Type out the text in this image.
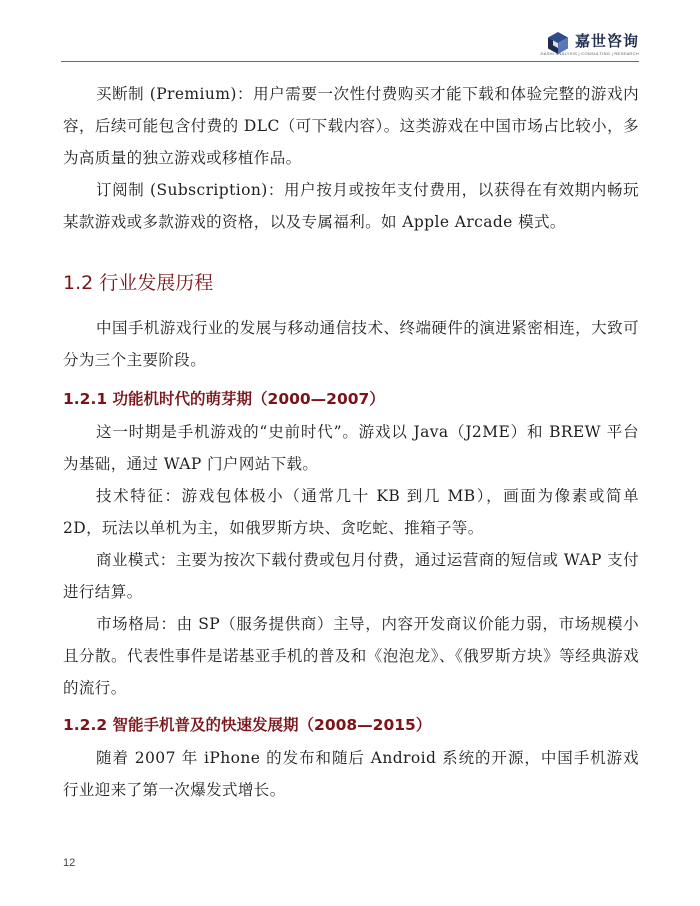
嘉世咨询
JIASHI ANALYSIS | CONSULTING | RESEARCH

买断制 (Premium)：用户需要一次性付费购买才能下载和体验完整的游戏内容，后续可能包含付费的 DLC（可下载内容）。这类游戏在中国市场占比较小，多为高质量的独立游戏或移植作品。

订阅制 (Subscription)：用户按月或按年支付费用，以获得在有效期内畅玩某款游戏或多款游戏的资格，以及专属福利。如 Apple Arcade 模式。

1.2 行业发展历程

中国手机游戏行业的发展与移动通信技术、终端硬件的演进紧密相连，大致可分为三个主要阶段。

1.2.1 功能机时代的萌芽期（2000—2007）

这一时期是手机游戏的“史前时代”。游戏以 Java（J2ME）和 BREW 平台为基础，通过 WAP 门户网站下载。

技术特征：游戏包体极小（通常几十 KB 到几 MB），画面为像素或简单 2D，玩法以单机为主，如俄罗斯方块、贪吃蛇、推箱子等。

商业模式：主要为按次下载付费或包月付费，通过运营商的短信或 WAP 支付进行结算。

市场格局：由 SP（服务提供商）主导，内容开发商议价能力弱，市场规模小且分散。代表性事件是诺基亚手机的普及和《泡泡龙》、《俄罗斯方块》等经典游戏的流行。

1.2.2 智能手机普及的快速发展期（2008—2015）

随着 2007 年 iPhone 的发布和随后 Android 系统的开源，中国手机游戏行业迎来了第一次爆发式增长。

12
